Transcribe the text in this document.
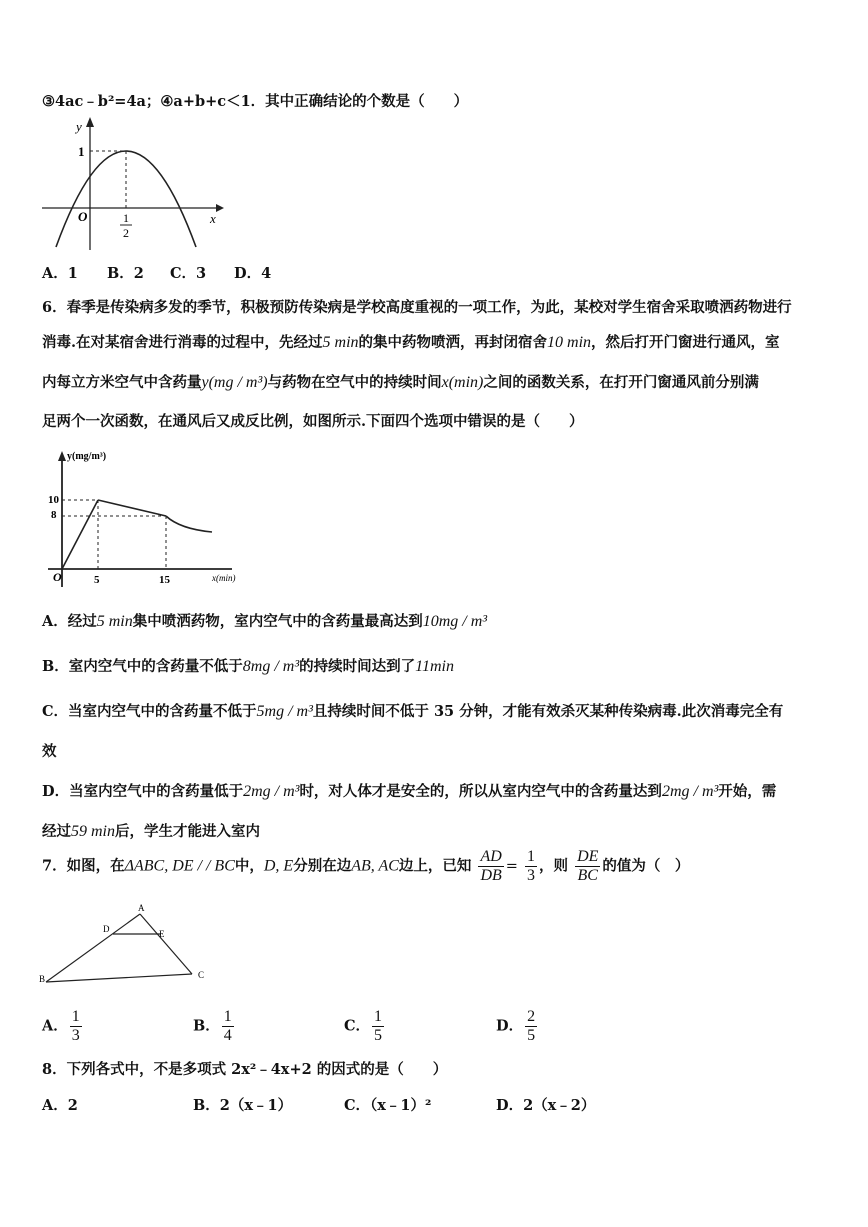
③4ac﹣b²=4a；④a+b+c＜1．其中正确结论的个数是（　　）
y
x
O
1
1
2
A．1 B．2 C．3 D．4
6．春季是传染病多发的季节，积极预防传染病是学校高度重视的一项工作，为此，某校对学生宿舍采取喷洒药物进行
消毒.在对某宿舍进行消毒的过程中，先经过5 min的集中药物喷洒，再封闭宿舍10 min，然后打开门窗进行通风，室
内每立方米空气中含药量y(mg / m³)与药物在空气中的持续时间x(min)之间的函数关系，在打开门窗通风前分别满
足两个一次函数，在通风后又成反比例，如图所示.下面四个选项中错误的是（　　）
y(mg/m³)
O
10
8
5	15	x(min)
A．经过5 min集中喷洒药物，室内空气中的含药量最高达到10mg / m³
B．室内空气中的含药量不低于8mg / m³的持续时间达到了11min
C．当室内空气中的含药量不低于5mg / m³且持续时间不低于 35 分钟，才能有效杀灭某种传染病毒.此次消毒完全有
效
D．当室内空气中的含药量低于2mg / m³时，对人体才是安全的，所以从室内空气中的含药量达到2mg / m³开始，需
经过59 min后，学生才能进入室内
7．如图，在ΔABC, DE / / BC中，D, E分别在边AB, AC边上，已知 $\frac{AD}{DB} = \frac{1}{3}$ ，则 $\frac{DE}{BC}$ 的值为（　）
A
B	C
D	E
A． $\frac{1}{3}$	B． $\frac{1}{4}$	C． $\frac{1}{5}$	D． $\frac{2}{5}$
8．下列各式中，不是多项式 2x²﹣4x+2 的因式的是（　　）
A．2	B．2（x﹣1）	C．（x﹣1）²	D．2（x﹣2）
